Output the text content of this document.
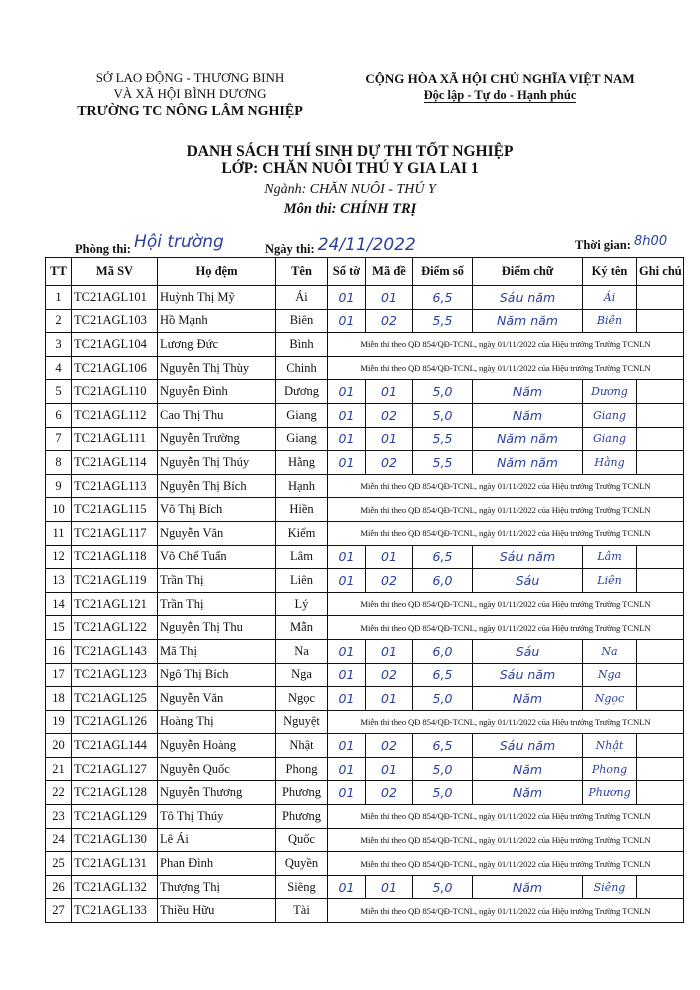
SỞ LAO ĐỘNG - THƯƠNG BINH
VÀ XÃ HỘI BÌNH DƯƠNG
TRƯỜNG TC NÔNG LÂM NGHIỆP
CỘNG HÒA XÃ HỘI CHỦ NGHĨA VIỆT NAM
Độc lập - Tự do - Hạnh phúc
DANH SÁCH THÍ SINH DỰ THI TỐT NGHIỆP
LỚP: CHĂN NUÔI THÚ Y GIA LAI 1
Ngành: CHĂN NUÔI - THÚ Y
Môn thi: CHÍNH TRỊ
Phòng thi: Hội trường	Ngày thi: 24/11/2022	Thời gian: 8h00
TT	Mã SV	Họ đệm	Tên	Số tờ	Mã đề	Điểm số	Điểm chữ	Ký tên	Ghi chú
1	TC21AGL101	Huỳnh Thị Mỹ	Ái	01	01	6,5	Sáu năm	Ái	
2	TC21AGL103	Hồ Mạnh	Biên	01	02	5,5	Năm năm	Biên	
3	TC21AGL104	Lương Đức	Bình	Miễn thi theo QĐ 854/QĐ-TCNL, ngày 01/11/2022 của Hiệu trưởng Trường TCNLN					
4	TC21AGL106	Nguyễn Thị Thùy	Chinh	Miễn thi theo QĐ 854/QĐ-TCNL, ngày 01/11/2022 của Hiệu trưởng Trường TCNLN					
5	TC21AGL110	Nguyễn Đình	Dương	01	01	5,0	Năm	Dương	
6	TC21AGL112	Cao Thị Thu	Giang	01	02	5,0	Năm	Giang	
7	TC21AGL111	Nguyễn Trường	Giang	01	01	5,5	Năm năm	Giang	
8	TC21AGL114	Nguyễn Thị Thúy	Hằng	01	02	5,5	Năm năm	Hằng	
9	TC21AGL113	Nguyễn Thị Bích	Hạnh	Miễn thi theo QĐ 854/QĐ-TCNL, ngày 01/11/2022 của Hiệu trưởng Trường TCNLN					
10	TC21AGL115	Võ Thị Bích	Hiền	Miễn thi theo QĐ 854/QĐ-TCNL, ngày 01/11/2022 của Hiệu trưởng Trường TCNLN					
11	TC21AGL117	Nguyễn Văn	Kiểm	Miễn thi theo QĐ 854/QĐ-TCNL, ngày 01/11/2022 của Hiệu trưởng Trường TCNLN					
12	TC21AGL118	Võ Chế Tuấn	Lâm	01	01	6,5	Sáu năm	Lâm	
13	TC21AGL119	Trần Thị	Liên	01	02	6,0	Sáu	Liên	
14	TC21AGL121	Trần Thị	Lý	Miễn thi theo QĐ 854/QĐ-TCNL, ngày 01/11/2022 của Hiệu trưởng Trường TCNLN					
15	TC21AGL122	Nguyễn Thị Thu	Mẫn	Miễn thi theo QĐ 854/QĐ-TCNL, ngày 01/11/2022 của Hiệu trưởng Trường TCNLN					
16	TC21AGL143	Mã Thị	Na	01	01	6,0	Sáu	Na	
17	TC21AGL123	Ngô Thị Bích	Nga	01	02	6,5	Sáu năm	Nga	
18	TC21AGL125	Nguyễn Văn	Ngọc	01	01	5,0	Năm	Ngọc	
19	TC21AGL126	Hoàng Thị	Nguyệt	Miễn thi theo QĐ 854/QĐ-TCNL, ngày 01/11/2022 của Hiệu trưởng Trường TCNLN					
20	TC21AGL144	Nguyễn Hoàng	Nhật	01	02	6,5	Sáu năm	Nhật	
21	TC21AGL127	Nguyễn Quốc	Phong	01	01	5,0	Năm	Phong	
22	TC21AGL128	Nguyễn Thương	Phương	01	02	5,0	Năm	Phương	
23	TC21AGL129	Tô Thị Thúy	Phương	Miễn thi theo QĐ 854/QĐ-TCNL, ngày 01/11/2022 của Hiệu trưởng Trường TCNLN					
24	TC21AGL130	Lê Ái	Quốc	Miễn thi theo QĐ 854/QĐ-TCNL, ngày 01/11/2022 của Hiệu trưởng Trường TCNLN					
25	TC21AGL131	Phan Đình	Quyền	Miễn thi theo QĐ 854/QĐ-TCNL, ngày 01/11/2022 của Hiệu trưởng Trường TCNLN					
26	TC21AGL132	Thượng Thị	Siêng	01	01	5,0	Năm	Siêng	
27	TC21AGL133	Thiều Hữu	Tài	Miễn thi theo QĐ 854/QĐ-TCNL, ngày 01/11/2022 của Hiệu trưởng Trường TCNLN					
